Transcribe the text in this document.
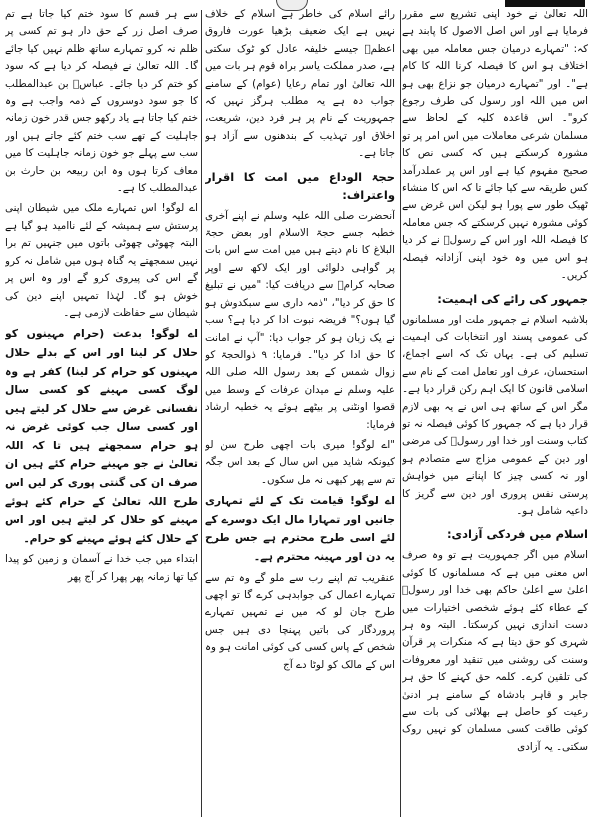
اللہ تعالیٰ نے خود اپنی تشریع سے مقرر فرمایا ہے اور اس اصل الاصول کا پابند ہے کہ: "تمہارے درمیان جس معاملہ میں بھی اختلاف ہو اس کا فیصلہ کرنا اللہ کا کام ہے"۔ اور "تمہارے درمیان جو نزاع بھی ہو اس میں اللہ اور رسول کی طرف رجوع کرو"۔ اس قاعدہ کلیہ کے لحاظ سے مسلمان شرعی معاملات میں اس امر پر تو مشورہ کرسکتے ہیں کہ کسی نص کا صحیح مفہوم کیا ہے اور اس پر عملدرآمد کس طریقہ سے کیا جائے تا کہ اس کا منشاء ٹھیک طور سے پورا ہو لیکن اس غرض سے کوئی مشورہ نہیں کرسکتے کہ جس معاملہ کا فیصلہ اللہ اور اس کے رسولؐ نے کر دیا ہو اس میں وہ خود اپنی آزادانہ فیصلہ کریں۔

جمہور کی رائے کی اہمیت:

بلاشبہ اسلام نے جمہور ملت اور مسلمانوں کی عمومی پسند اور انتخابات کی اہمیت تسلیم کی ہے۔ یہاں تک کہ اسے اجماع، استحسان، عرف اور تعامل امت کے نام سے اسلامی قانون کا ایک اہم رکن قرار دیا ہے۔ مگر اس کے ساتھ ہی اس نے یہ بھی لازم قرار دیا ہے کہ جمہور کا کوئی فیصلہ نہ تو کتاب وسنت اور خدا اور رسولؐ کی مرضی اور دین کے عمومی مزاج سے متصادم ہو اور نہ کسی چیز کا اپنانے میں خواہش پرستی نفس پروری اور دین سے گریز کا داعیہ شامل ہو۔

اسلام میں فردکی آزادی:

اسلام میں اگر جمہوریت ہے تو وہ صرف اس معنی میں ہے کہ مسلمانوں کا کوئی اعلیٰ سے اعلیٰ حاکم بھی خدا اور رسولؐ کے عطاء کئے ہوئے شخصی اختیارات میں دست اندازی نہیں کرسکتا۔ البتہ وہ ہر شہری کو حق دیتا ہے کہ منکرات پر قرآن وسنت کی روشنی میں تنقید اور معروفات کی تلقین کرے۔ کلمہ حق کہنے کا حق ہر جابر و قاہر بادشاہ کے سامنے ہر ادنیٰ رعیت کو حاصل ہے بھلائی کی بات سے کوئی طاقت کسی مسلمان کو نہیں روک سکتی۔ یہ آزادی

رائے اسلام کی خاطر ہے اسلام کے خلاف نہیں ہے ایک ضعیف بڑھیا عورت فاروق اعظمؓ جیسے خلیفہ عادل کو ٹوک سکتی ہے، صدر مملکت یاسر براہ قوم ہر بات میں اللہ تعالیٰ اور تمام رعایا (عوام) کے سامنے جواب دہ ہے یہ مطلب ہرگز نہیں کہ جمہوریت کے نام پر ہر فرد دین، شریعت، اخلاق اور تہذیب کے بندھنوں سے آزاد ہو جاتا ہے۔

حجۃ الوداع میں امت کا اقرار واعتراف:

آنحضرت صلی اللہ علیہ وسلم نے اپنے آخری خطبہ جسے حجۃ الاسلام اور بعض حجۃ البلاغ کا نام دیتے ہیں میں امت سے اس بات پر گواہی دلوائی اور ایک لاکھ سے اوپر صحابہ کرامؓ سے دریافت کیا: "میں نے تبلیغ کا حق کر دیا"، "ذمہ داری سے سبکدوش ہو گیا ہوں؟" فریضہ نبوت ادا کر دیا ہے؟ سب نے یک زبان ہو کر جواب دیا: "آپ نے امانت کا حق ادا کر دیا"۔ فرمایا: ۹ ذوالحجۃ کو زوال شمس کے بعد رسول اللہ صلی اللہ علیہ وسلم نے میدان عرفات کے وسط میں قصوا اونٹنی پر بیٹھے ہوئے یہ خطبہ ارشاد فرمایا:

"اے لوگو! میری بات اچھی طرح سن لو کیونکہ شاید میں اس سال کے بعد اس جگہ تم سے پھر کبھی نہ مل سکوں۔

اے لوگو! قیامت تک کے لئے تمہاری جانیں اور تمہارا مال ایک دوسرے کے لئے اسی طرح محترم ہے جس طرح یہ دن اور مہینہ محترم ہے۔

عنقریب تم اپنے رب سے ملو گے وہ تم سے تمہارے اعمال کی جوابدہی کرے گا تو اچھی طرح جان لو کہ میں نے تمہیں تمہارے پروردگار کی باتیں پہنچا دی ہیں جس شخص کے پاس کسی کی کوئی امانت ہو وہ اس کے مالک کو لوٹا دے آج

سے ہر قسم کا سود ختم کیا جاتا ہے تم صرف اصل زر کے حق دار ہو تم کسی پر ظلم نہ کرو تمہارے ساتھ ظلم نہیں کیا جائے گا۔ اللہ تعالیٰ نے فیصلہ کر دیا ہے کہ سود کو ختم کر دیا جائے۔ عباسؓ بن عبدالمطلب کا جو سود دوسروں کے ذمہ واجب ہے وہ ختم کیا جاتا ہے یاد رکھو جس قدر خون زمانہ جاہلیت کے تھے سب ختم کئے جاتے ہیں اور سب سے پہلے جو خون زمانہ جاہلیت کا میں معاف کرتا ہوں وہ ابن ربیعہ بن حارث بن عبدالمطلب کا ہے۔

اے لوگو! اس تمہارے ملک میں شیطان اپنی پرستش سے ہمیشہ کے لئے ناامید ہو گیا ہے البتہ چھوٹی چھوٹی باتوں میں جنہیں تم برا نہیں سمجھتے یہ گناہ ہوں میں شامل نہ کرو گے اس کی پیروی کرو گے اور وہ اس پر خوش ہو گا۔ لہٰذا تمہیں اپنے دین کی شیطان سے حفاظت لازمی ہے۔

اے لوگو! بدعت (حرام مہینوں کو حلال کر لینا اور اس کے بدلے حلال مہینوں کو حرام کر لینا) کفر ہے وہ لوگ کسی مہینے کو کسی سال نفسانی غرض سے حلال کر لیتے ہیں اور کسی سال جب کوئی غرض نہ ہو حرام سمجھتے ہیں تا کہ اللہ تعالیٰ نے جو مہینے حرام کئے ہیں ان صرف ان کی گنتی پوری کر لیں اس طرح اللہ تعالیٰ کے حرام کئے ہوئے مہینے کو حلال کر لیتے ہیں اور اس کے حلال کئے ہوئے مہینے کو حرام۔

ابتداء میں جب خدا نے آسمان و زمین کو پیدا کیا تھا زمانہ پھر پھرا کر آج پھر
